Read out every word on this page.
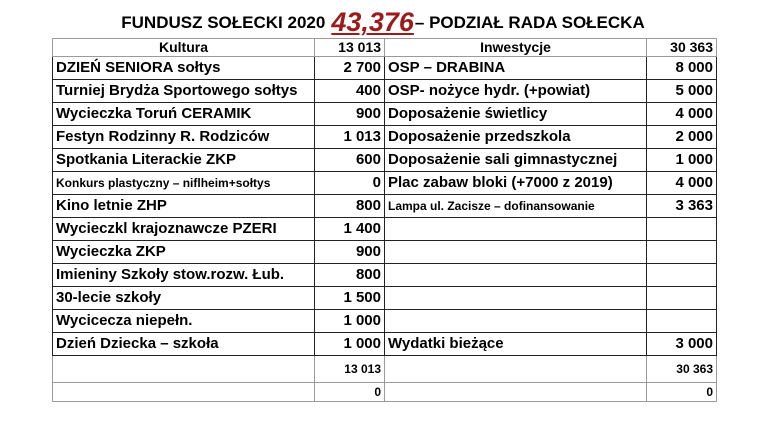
FUNDUSZ SOŁECKI 2020 43,376 – PODZIAŁ RADA SOŁECKA
Kultura	13 013	Inwestycje	30 363
DZIEŃ SENIORA sołtys	2 700	OSP – DRABINA	8 000
Turniej Brydża Sportowego sołtys	400	OSP- nożyce hydr. (+powiat)	5 000
Wycieczka Toruń CERAMIK	900	Doposażenie świetlicy	4 000
Festyn Rodzinny R. Rodziców	1 013	Doposażenie przedszkola	2 000
Spotkania Literackie ZKP	600	Doposażenie sali gimnastycznej	1 000
Konkurs plastyczny – niflheim+sołtys	0	Plac zabaw bloki (+7000 z 2019)	4 000
Kino letnie ZHP	800	Lampa ul. Zacisze – dofinansowanie	3 363
Wycieczkl krajoznawcze PZERI	1 400		
Wycieczka ZKP	900		
Imieniny Szkoły stow.rozw. Łub.	800		
30-lecie szkoły	1 500		
Wycicecza niepełn.	1 000		
Dzień Dziecka – szkoła	1 000	Wydatki bieżące	3 000
	13 013		30 363
	0		0
